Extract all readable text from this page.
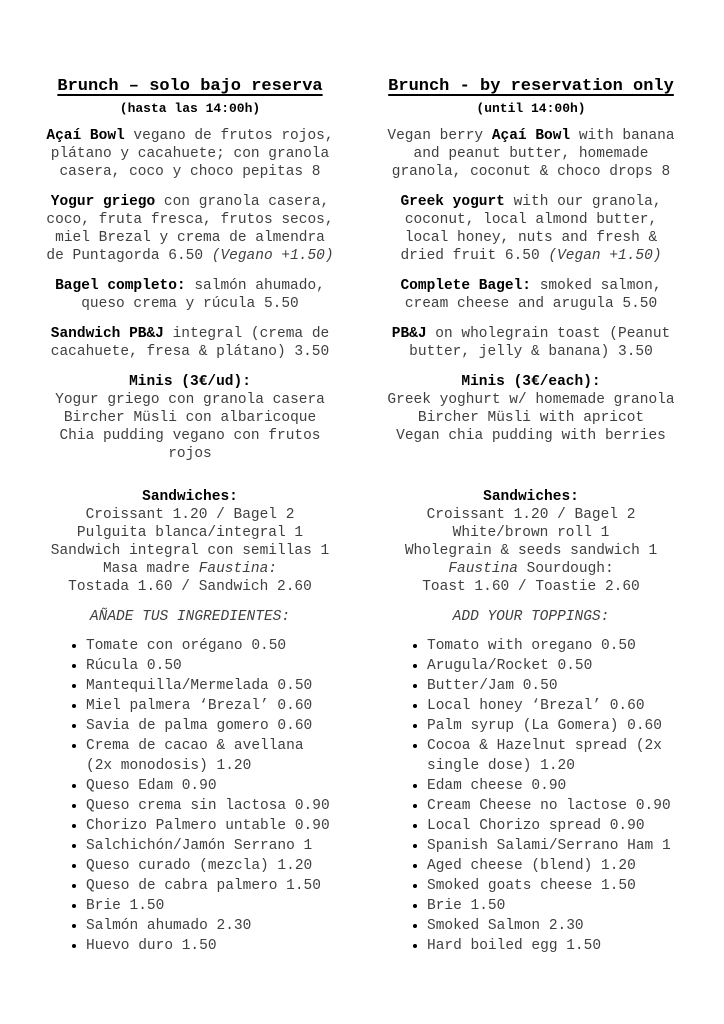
Brunch – solo bajo reserva
(hasta las 14:00h)

Açaí Bowl vegano de frutos rojos, plátano y cacahuete; con granola casera, coco y choco pepitas 8

Yogur griego con granola casera, coco, fruta fresca, frutos secos, miel Brezal y crema de almendra de Puntagorda 6.50 (Vegano +1.50)

Bagel completo: salmón ahumado, queso crema y rúcula 5.50

Sandwich PB&J integral (crema de cacahuete, fresa & plátano) 3.50

Minis (3€/ud):
Yogur griego con granola casera
Bircher Müsli con albaricoque
Chia pudding vegano con frutos rojos
Sandwiches:
Croissant 1.20 / Bagel 2
Pulguita blanca/integral 1
Sandwich integral con semillas 1
Masa madre Faustina:
Tostada 1.60 / Sandwich 2.60
AÑADE TUS INGREDIENTES:
• Tomate con orégano 0.50
• Rúcula 0.50
• Mantequilla/Mermelada 0.50
• Miel palmera ‘Brezal’ 0.60
• Savia de palma gomero 0.60
• Crema de cacao & avellana (2x monodosis) 1.20
• Queso Edam 0.90
• Queso crema sin lactosa 0.90
• Chorizo Palmero untable 0.90
• Salchichón/Jamón Serrano 1
• Queso curado (mezcla) 1.20
• Queso de cabra palmero 1.50
• Brie 1.50
• Salmón ahumado 2.30
• Huevo duro 1.50
Brunch - by reservation only
(until 14:00h)

Vegan berry Açaí Bowl with banana and peanut butter, homemade granola, coconut & choco drops 8

Greek yogurt with our granola, coconut, local almond butter, local honey, nuts and fresh & dried fruit 6.50 (Vegan +1.50)

Complete Bagel: smoked salmon, cream cheese and arugula 5.50

PB&J on wholegrain toast (Peanut butter, jelly & banana) 3.50

Minis (3€/each):
Greek yoghurt w/ homemade granola
Bircher Müsli with apricot
Vegan chia pudding with berries
Sandwiches:
Croissant 1.20 / Bagel 2
White/brown roll 1
Wholegrain & seeds sandwich 1
Faustina Sourdough:
Toast 1.60 / Toastie 2.60
ADD YOUR TOPPINGS:
• Tomato with oregano 0.50
• Arugula/Rocket 0.50
• Butter/Jam 0.50
• Local honey ‘Brezal’ 0.60
• Palm syrup (La Gomera) 0.60
• Cocoa & Hazelnut spread (2x single dose) 1.20
• Edam cheese 0.90
• Cream Cheese no lactose 0.90
• Local Chorizo spread 0.90
• Spanish Salami/Serrano Ham 1
• Aged cheese (blend) 1.20
• Smoked goats cheese 1.50
• Brie 1.50
• Smoked Salmon 2.30
• Hard boiled egg 1.50
